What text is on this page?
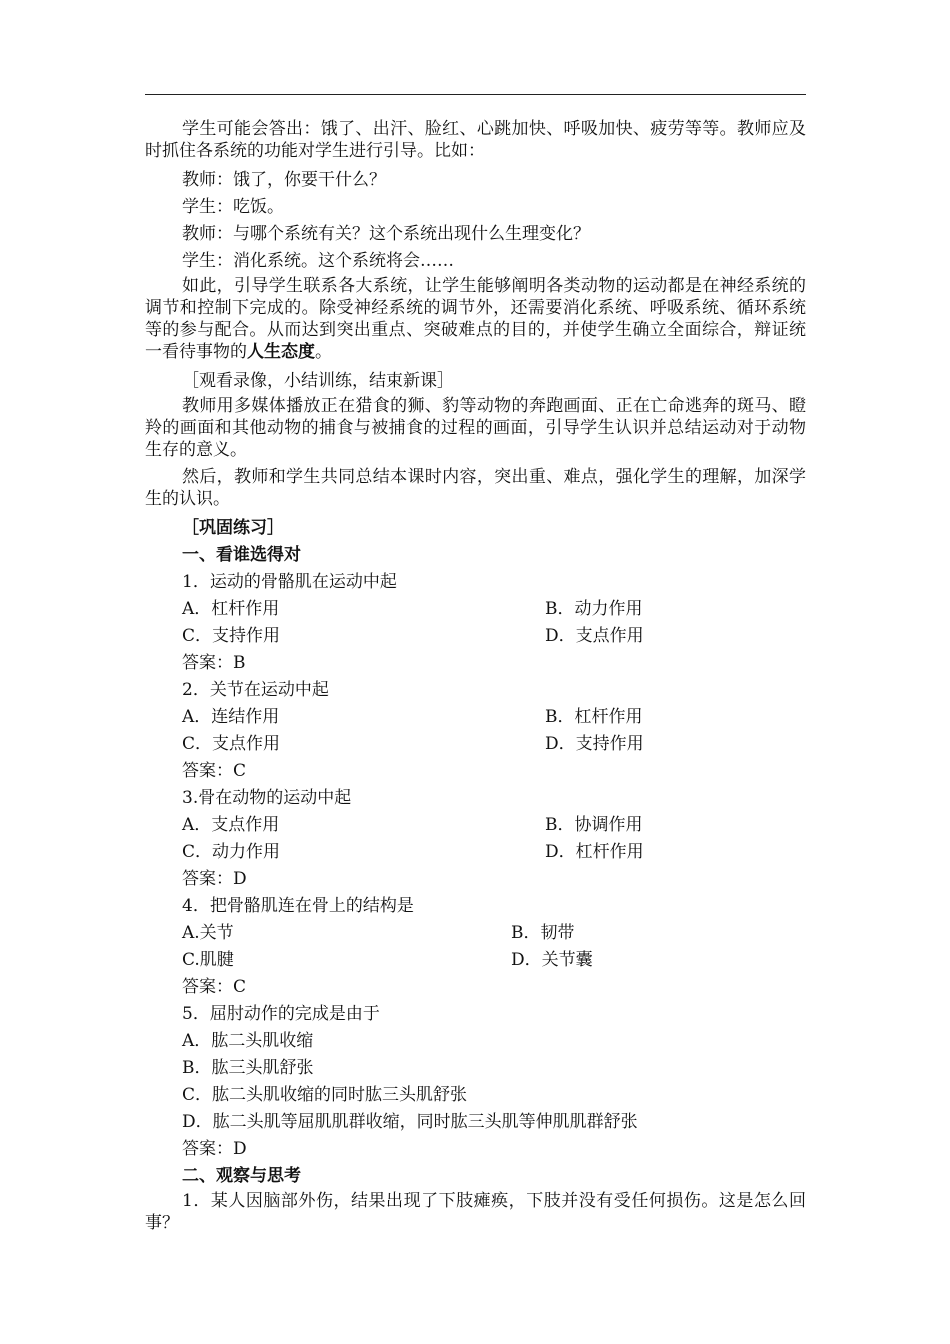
学生可能会答出：饿了、出汗、脸红、心跳加快、呼吸加快、疲劳等等。教师应及时抓住各系统的功能对学生进行引导。比如：

教师：饿了，你要干什么？
学生：吃饭。
教师：与哪个系统有关？这个系统出现什么生理变化？
学生：消化系统。这个系统将会……

如此，引导学生联系各大系统，让学生能够阐明各类动物的运动都是在神经系统的调节和控制下完成的。除受神经系统的调节外，还需要消化系统、呼吸系统、循环系统等的参与配合。从而达到突出重点、突破难点的目的，并使学生确立全面综合，辩证统一看待事物的人生态度。

［观看录像，小结训练，结束新课］

教师用多媒体播放正在猎食的狮、豹等动物的奔跑画面、正在亡命逃奔的斑马、瞪羚的画面和其他动物的捕食与被捕食的过程的画面，引导学生认识并总结运动对于动物生存的意义。

然后，教师和学生共同总结本课时内容，突出重、难点，强化学生的理解，加深学生的认识。

［巩固练习］
一、看谁选得对
1．运动的骨骼肌在运动中起
A．杠杆作用	B．动力作用
C．支持作用	D．支点作用
答案：B
2．关节在运动中起
A．连结作用	B．杠杆作用
C．支点作用	D．支持作用
答案：C
3.骨在动物的运动中起
A．支点作用	B．协调作用
C．动力作用	D．杠杆作用
答案：D
4．把骨骼肌连在骨上的结构是
A.关节	B．韧带
C.肌腱	D．关节囊
答案：C
5．屈肘动作的完成是由于
A．肱二头肌收缩
B．肱三头肌舒张
C．肱二头肌收缩的同时肱三头肌舒张
D．肱二头肌等屈肌肌群收缩，同时肱三头肌等伸肌肌群舒张
答案：D
二、观察与思考

1．某人因脑部外伤，结果出现了下肢瘫痪，下肢并没有受任何损伤。这是怎么回事？
